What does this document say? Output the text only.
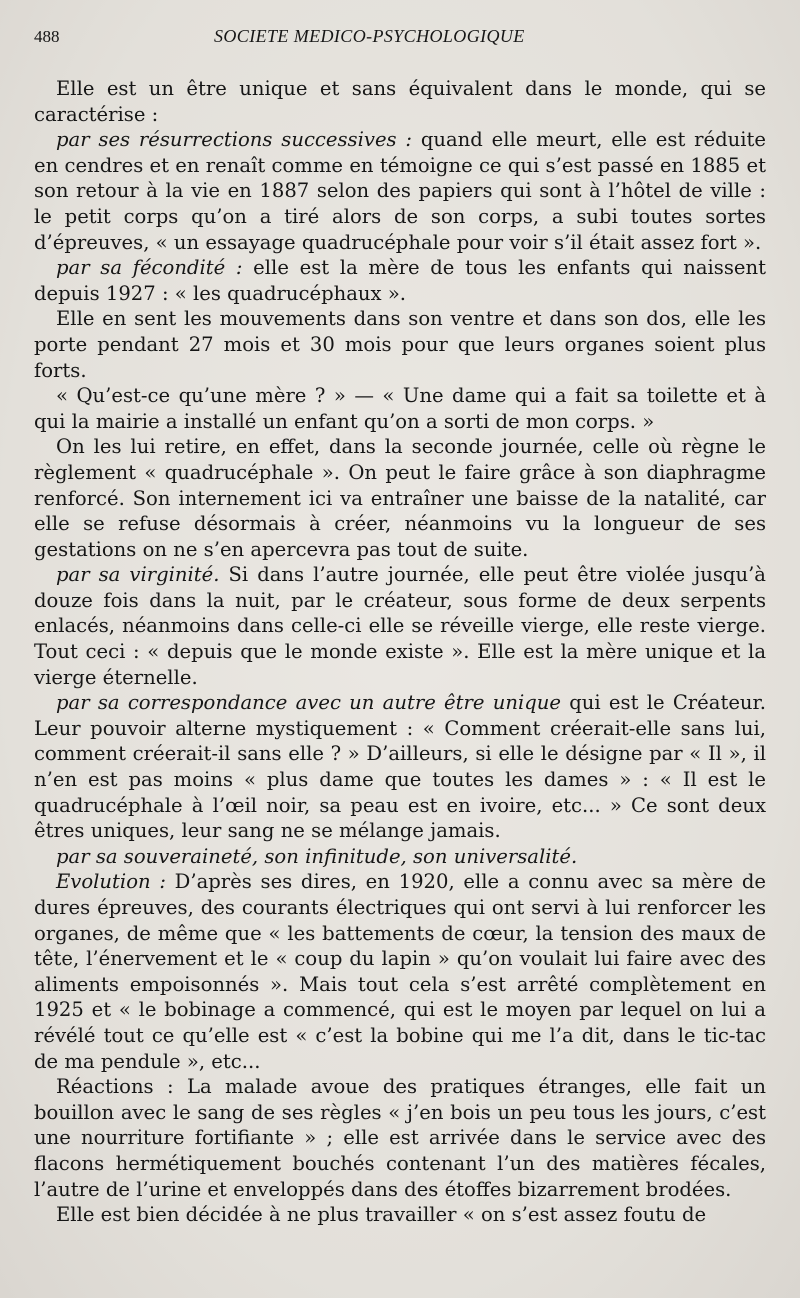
488	SOCIETE MEDICO-PSYCHOLOGIQUE

Elle est un être unique et sans équivalent dans le monde, qui se caractérise :

par ses résurrections successives : quand elle meurt, elle est réduite en cendres et en renaît comme en témoigne ce qui s’est passé en 1885 et son retour à la vie en 1887 selon des papiers qui sont à l’hôtel de ville : le petit corps qu’on a tiré alors de son corps, a subi toutes sortes d’épreuves, « un essayage quadrucéphale pour voir s’il était assez fort ».

par sa fécondité : elle est la mère de tous les enfants qui naissent depuis 1927 : « les quadrucéphaux ».

Elle en sent les mouvements dans son ventre et dans son dos, elle les porte pendant 27 mois et 30 mois pour que leurs organes soient plus forts.

« Qu’est-ce qu’une mère ? » — « Une dame qui a fait sa toilette et à qui la mairie a installé un enfant qu’on a sorti de mon corps. »

On les lui retire, en effet, dans la seconde journée, celle où règne le règlement « quadrucéphale ». On peut le faire grâce à son diaphragme renforcé. Son internement ici va entraîner une baisse de la natalité, car elle se refuse désormais à créer, néanmoins vu la longueur de ses gestations on ne s’en apercevra pas tout de suite.

par sa virginité. Si dans l’autre journée, elle peut être violée jusqu’à douze fois dans la nuit, par le créateur, sous forme de deux serpents enlacés, néanmoins dans celle-ci elle se réveille vierge, elle reste vierge. Tout ceci : « depuis que le monde existe ». Elle est la mère unique et la vierge éternelle.

par sa correspondance avec un autre être unique qui est le Créateur. Leur pouvoir alterne mystiquement : « Comment créerait-elle sans lui, comment créerait-il sans elle ? » D’ailleurs, si elle le désigne par « Il », il n’en est pas moins « plus dame que toutes les dames » : « Il est le quadrucéphale à l’œil noir, sa peau est en ivoire, etc... » Ce sont deux êtres uniques, leur sang ne se mélange jamais.

par sa souveraineté, son infinitude, son universalité.

Evolution : D’après ses dires, en 1920, elle a connu avec sa mère de dures épreuves, des courants électriques qui ont servi à lui renforcer les organes, de même que « les battements de cœur, la tension des maux de tête, l’énervement et le « coup du lapin » qu’on voulait lui faire avec des aliments empoisonnés ». Mais tout cela s’est arrêté complètement en 1925 et « le bobinage a commencé, qui est le moyen par lequel on lui a révélé tout ce qu’elle est « c’est la bobine qui me l’a dit, dans le tic-tac de ma pendule », etc...

Réactions : La malade avoue des pratiques étranges, elle fait un bouillon avec le sang de ses règles « j’en bois un peu tous les jours, c’est une nourriture fortifiante » ; elle est arrivée dans le service avec des flacons hermétiquement bouchés contenant l’un des matières fécales, l’autre de l’urine et enveloppés dans des étoffes bizarrement brodées.

Elle est bien décidée à ne plus travailler « on s’est assez foutu de
